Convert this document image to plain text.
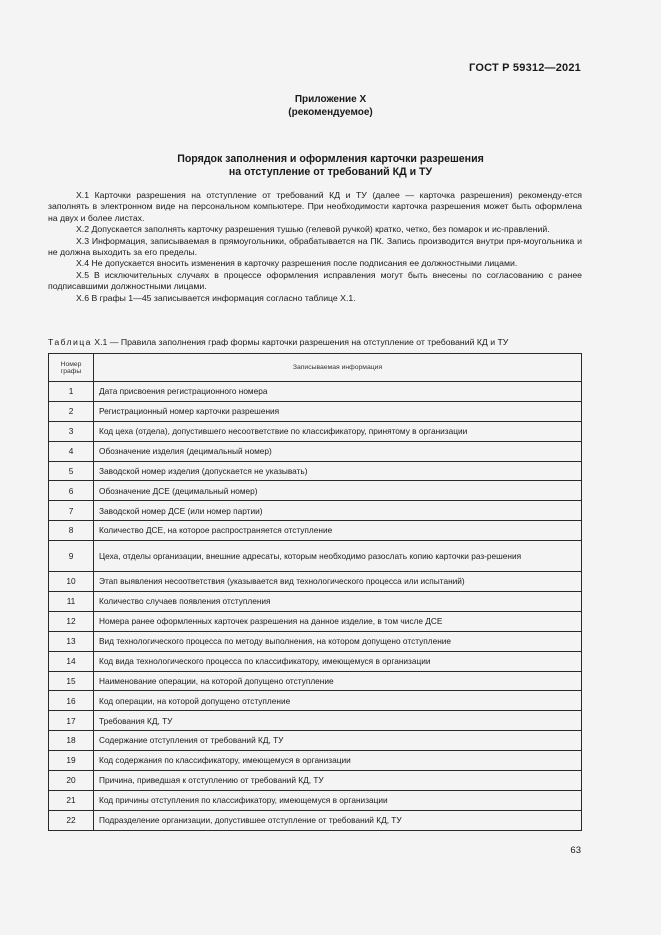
ГОСТ Р 59312—2021
Приложение Х
(рекомендуемое)
Порядок заполнения и оформления карточки разрешения
на отступление от требований КД и ТУ

Х.1 Карточки разрешения на отступление от требований КД и ТУ (далее — карточка разрешения) рекоменду-ется заполнять в электронном виде на персональном компьютере. При необходимости карточка разрешения может быть оформлена на двух и более листах.

Х.2 Допускается заполнять карточку разрешения тушью (гелевой ручкой) кратко, четко, без помарок и ис-правлений.

Х.3 Информация, записываемая в прямоугольники, обрабатывается на ПК. Запись производится внутри пря-моугольника и не должна выходить за его пределы.

Х.4 Не допускается вносить изменения в карточку разрешения после подписания ее должностными лицами.

Х.5 В исключительных случаях в процессе оформления исправления могут быть внесены по согласованию с ранее подписавшими должностными лицами.

Х.6 В графы 1—45 записывается информация согласно таблице Х.1.

Таблица Х.1 — Правила заполнения граф формы карточки разрешения на отступление от требований КД и ТУ
Номер графы	Записываемая информация
1	Дата присвоения регистрационного номера
2	Регистрационный номер карточки разрешения
3	Код цеха (отдела), допустившего несоответствие по классификатору, принятому в организации
4	Обозначение изделия (децимальный номер)
5	Заводской номер изделия (допускается не указывать)
6	Обозначение ДСЕ (децимальный номер)
7	Заводской номер ДСЕ (или номер партии)
8	Количество ДСЕ, на которое распространяется отступление
9	Цеха, отделы организации, внешние адресаты, которым необходимо разослать копию карточки раз-решения
10	Этап выявления несоответствия (указывается вид технологического процесса или испытаний)
11	Количество случаев появления отступления
12	Номера ранее оформленных карточек разрешения на данное изделие, в том числе ДСЕ
13	Вид технологического процесса по методу выполнения, на котором допущено отступление
14	Код вида технологического процесса по классификатору, имеющемуся в организации
15	Наименование операции, на которой допущено отступление
16	Код операции, на которой допущено отступление
17	Требования КД, ТУ
18	Содержание отступления от требований КД, ТУ
19	Код содержания по классификатору, имеющемуся в организации
20	Причина, приведшая к отступлению от требований КД, ТУ
21	Код причины отступления по классификатору, имеющемуся в организации
22	Подразделение организации, допустившее отступление от требований КД, ТУ
63
